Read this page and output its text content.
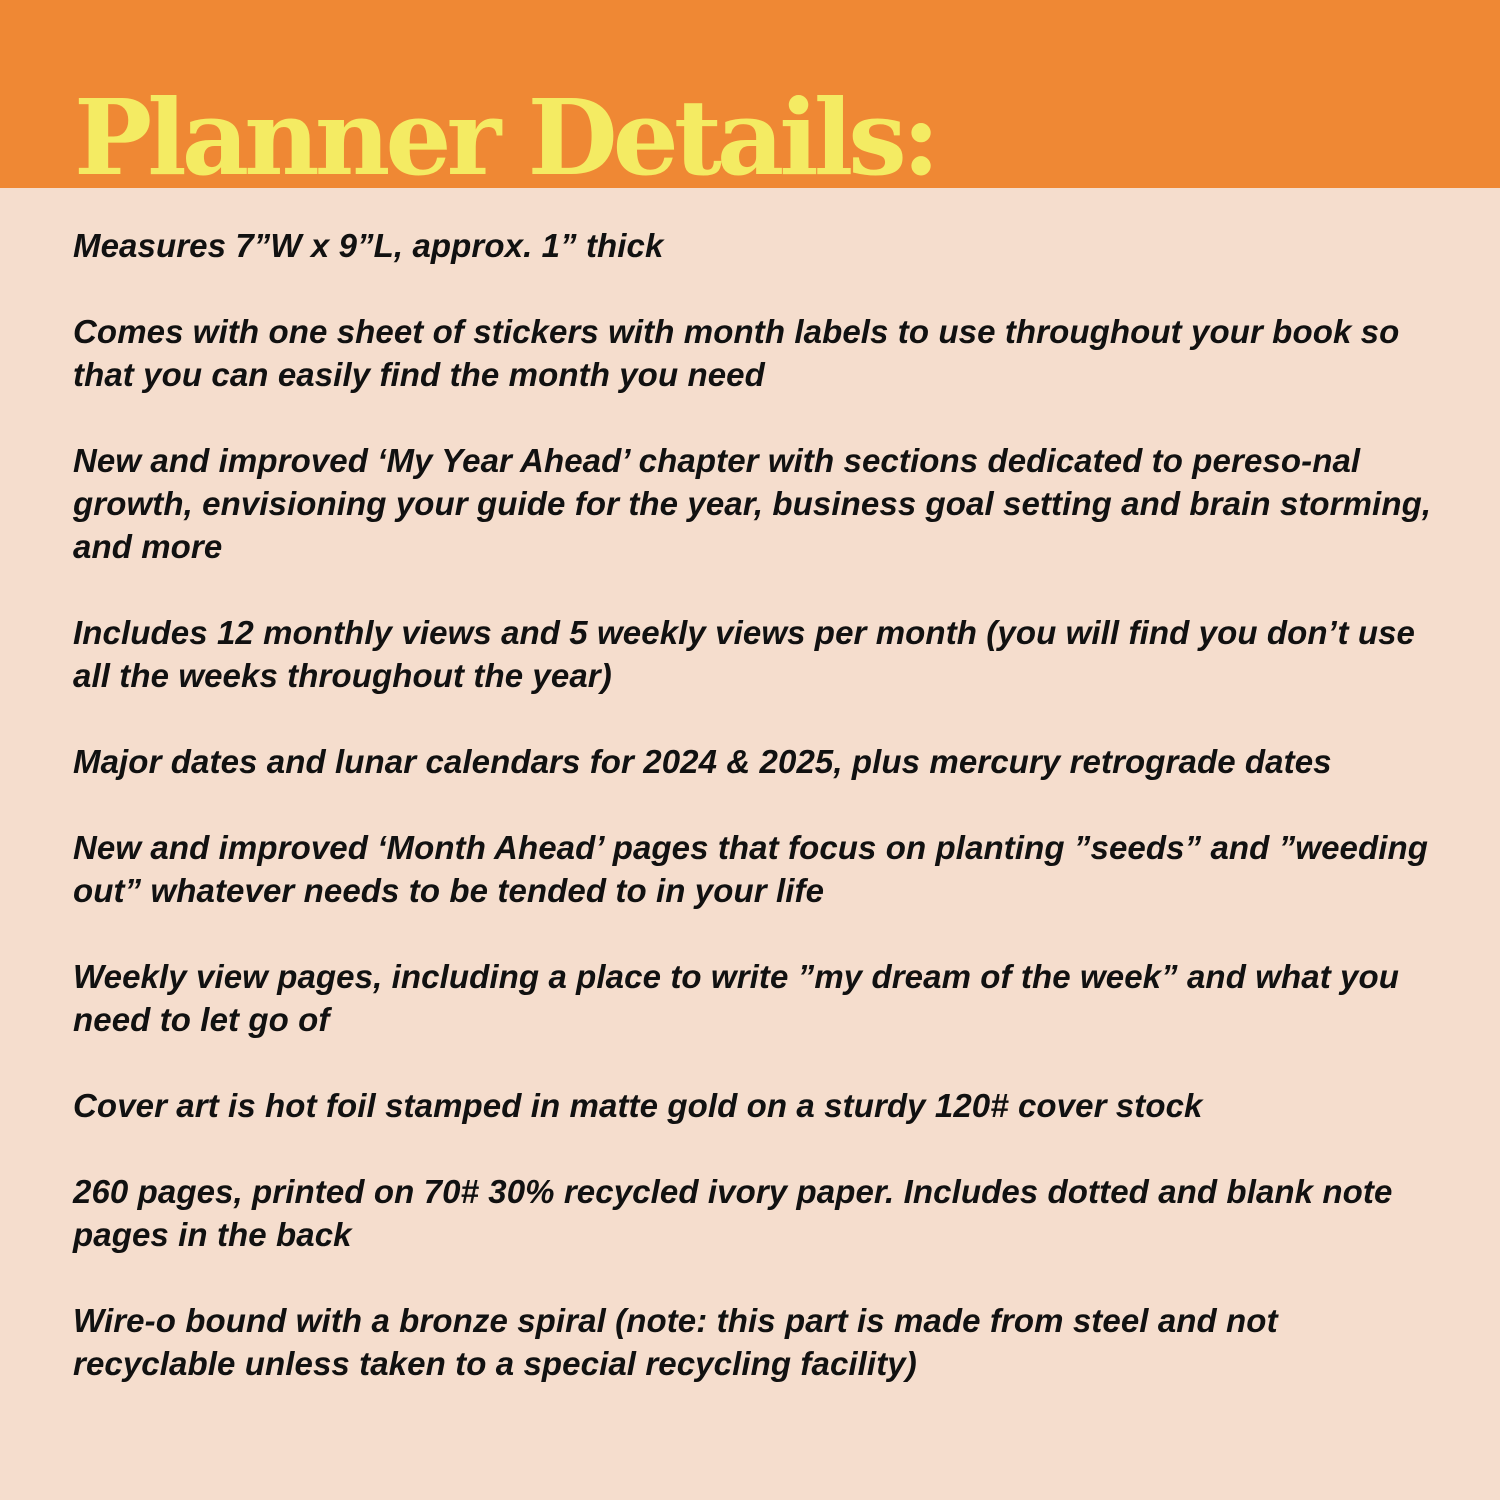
Planner Details:
Measures 7”W x 9”L, approx. 1” thick
Comes with one sheet of stickers with month labels to use throughout your book so that you can easily find the month you need
New and improved ‘My Year Ahead’ chapter with sections dedicated to pereso-nal growth, envisioning your guide for the year, business goal setting and brain storming, and more
Includes 12 monthly views and 5 weekly views per month (you will find you don’t use all the weeks throughout the year)
Major dates and lunar calendars for 2024 & 2025, plus mercury retrograde dates
New and improved ‘Month Ahead’ pages that focus on planting ”seeds” and ”weeding out” whatever needs to be tended to in your life
Weekly view pages, including a place to write ”my dream of the week” and what you need to let go of
Cover art is hot foil stamped in matte gold on a sturdy 120# cover stock
260 pages, printed on 70# 30% recycled ivory paper. Includes dotted and blank note pages in the back
Wire-o bound with a bronze spiral (note: this part is made from steel and not recyclable unless taken to a special recycling facility)
